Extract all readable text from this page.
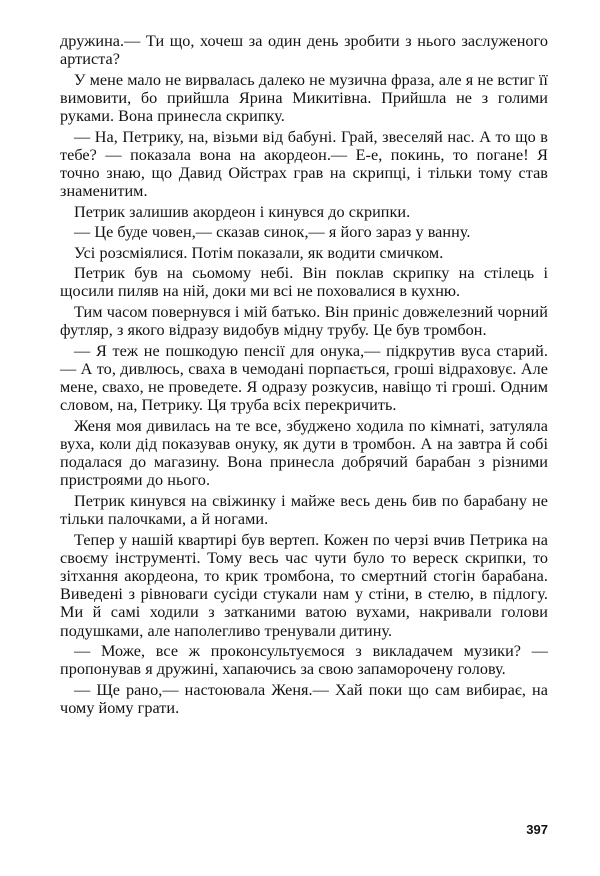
дружина.— Ти що, хочеш за один день зробити з нього заслуженого артиста?

У мене мало не вирвалась далеко не музична фраза, але я не встиг її вимовити, бо прийшла Ярина Микитівна. Прийшла не з голими руками. Вона принесла скрипку.

— На, Петрику, на, візьми від бабуні. Грай, звеселяй нас. А то що в тебе? — показала вона на акордеон.— Е-е, покинь, то погане! Я точно знаю, що Давид Ойстрах грав на скрипці, і тільки тому став знаменитим.

Петрик залишив акордеон і кинувся до скрипки.

— Це буде човен,— сказав синок,— я його зараз у ванну.

Усі розсміялися. Потім показали, як водити смичком.

Петрик був на сьомому небі. Він поклав скрипку на стілець і щосили пиляв на ній, доки ми всі не поховалися в кухню.

Тим часом повернувся і мій батько. Він приніс довжелезний чорний футляр, з якого відразу видобув мідну трубу. Це був тромбон.

— Я теж не пошкодую пенсії для онука,— підкрутив вуса старий.— А то, дивлюсь, сваха в чемодані порпається, гроші відраховує. Але мене, свахо, не проведете. Я одразу розкусив, навіщо ті гроші. Одним словом, на, Петрику. Ця труба всіх перекричить.

Женя моя дивилась на те все, збуджено ходила по кімнаті, затуляла вуха, коли дід показував онуку, як дути в тромбон. А на завтра й собі подалася до магазину. Вона принесла добрячий барабан з різними пристроями до нього.

Петрик кинувся на свіжинку і майже весь день бив по барабану не тільки палочками, а й ногами.

Тепер у нашій квартирі був вертеп. Кожен по черзі вчив Петрика на своєму інструменті. Тому весь час чути було то вереск скрипки, то зітхання акордеона, то крик тромбона, то смертний стогін барабана. Виведені з рівноваги сусіди стукали нам у стіни, в стелю, в підлогу. Ми й самі ходили з затканими ватою вухами, накривали голови подушками, але наполегливо тренували дитину.

— Може, все ж проконсультуємося з викладачем музики? — пропонував я дружині, хапаючись за свою запаморочену голову.

— Ще рано,— настоювала Женя.— Хай поки що сам вибирає, на чому йому грати.

397
